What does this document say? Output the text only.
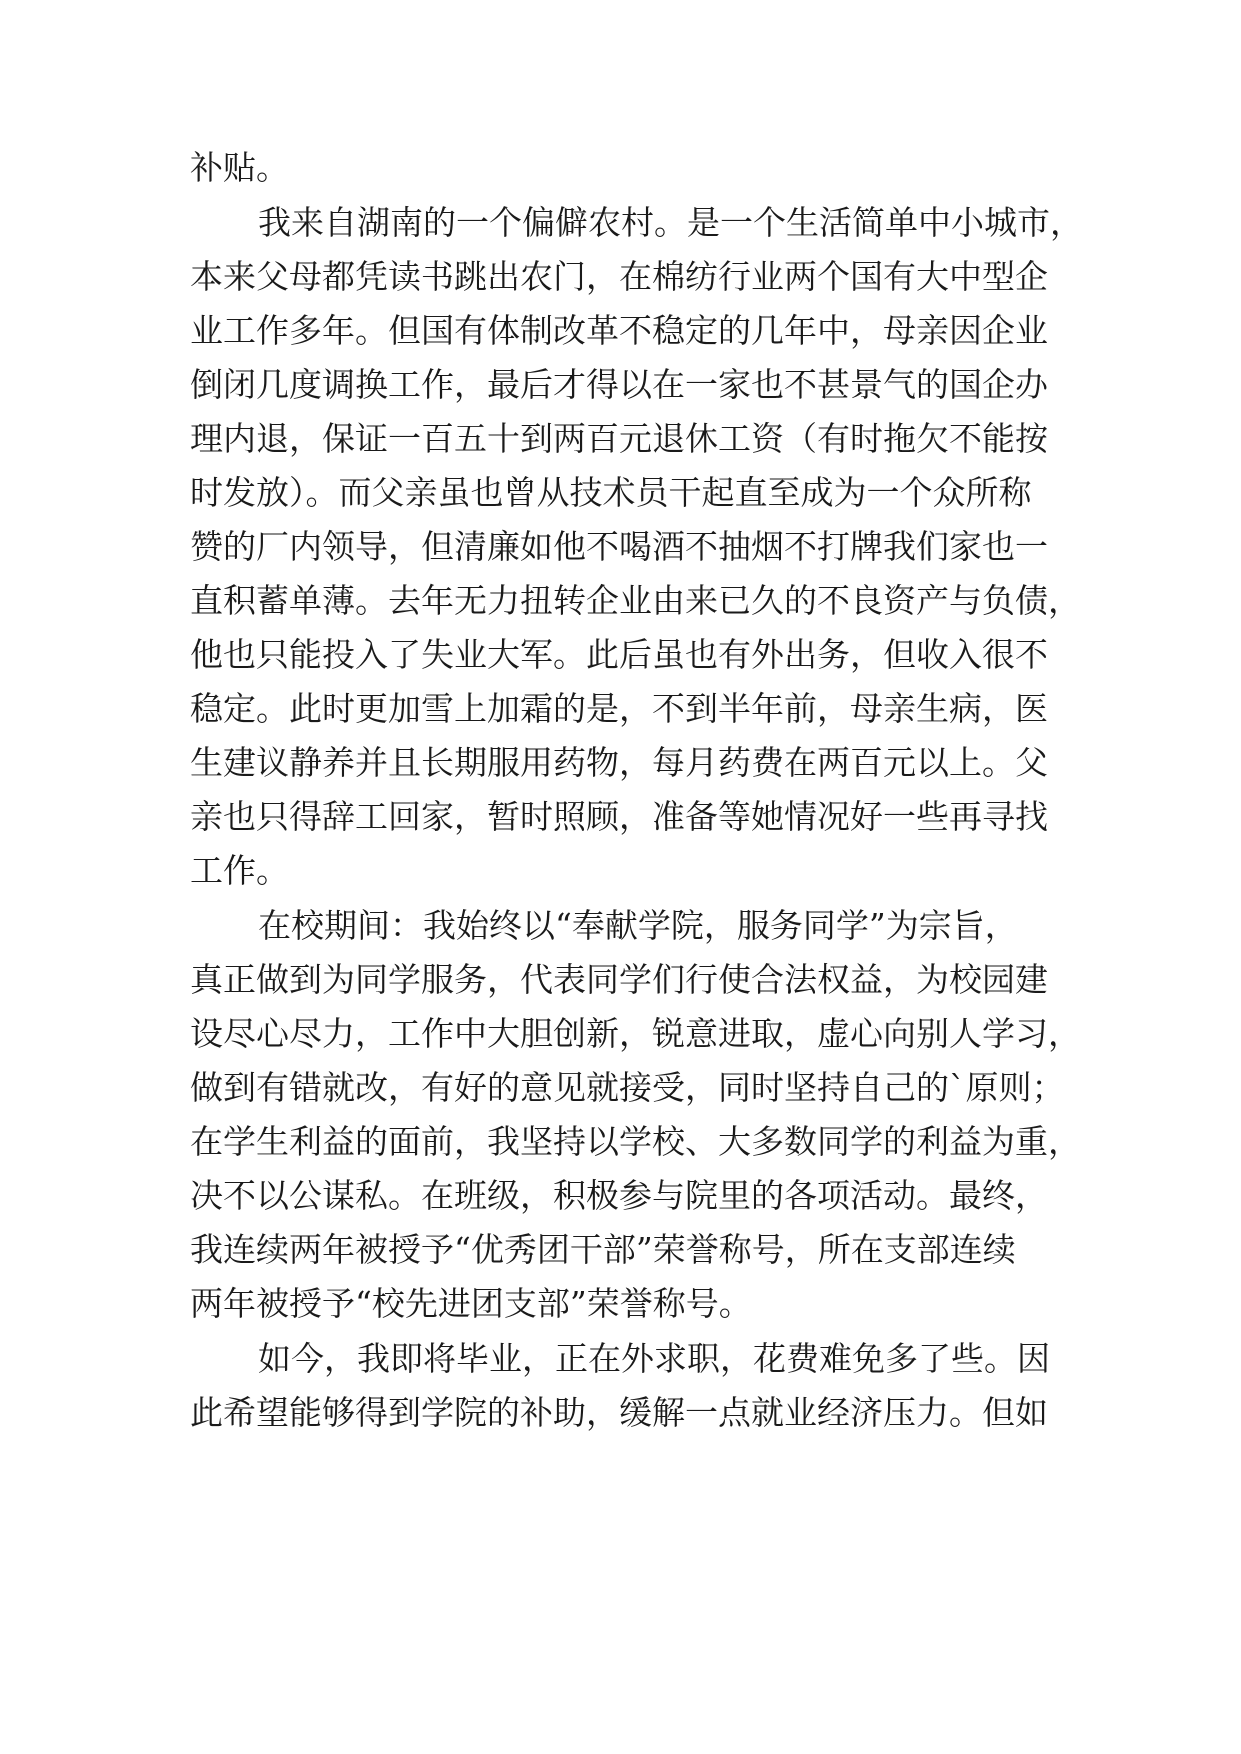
补贴。
我来自湖南的一个偏僻农村。是一个生活简单中小城市，
本来父母都凭读书跳出农门，在棉纺行业两个国有大中型企
业工作多年。但国有体制改革不稳定的几年中，母亲因企业
倒闭几度调换工作，最后才得以在一家也不甚景气的国企办
理内退，保证一百五十到两百元退休工资（有时拖欠不能按
时发放）。而父亲虽也曾从技术员干起直至成为一个众所称
赞的厂内领导，但清廉如他不喝酒不抽烟不打牌我们家也一
直积蓄单薄。去年无力扭转企业由来已久的不良资产与负债，
他也只能投入了失业大军。此后虽也有外出务，但收入很不
稳定。此时更加雪上加霜的是，不到半年前，母亲生病，医
生建议静养并且长期服用药物，每月药费在两百元以上。父
亲也只得辞工回家，暂时照顾，准备等她情况好一些再寻找
工作。
在校期间：我始终以“奉献学院，服务同学”为宗旨，
真正做到为同学服务，代表同学们行使合法权益，为校园建
设尽心尽力，工作中大胆创新，锐意进取，虚心向别人学习，
做到有错就改，有好的意见就接受，同时坚持自己的`原则；
在学生利益的面前，我坚持以学校、大多数同学的利益为重，
决不以公谋私。在班级，积极参与院里的各项活动。最终，
我连续两年被授予“优秀团干部”荣誉称号，所在支部连续
两年被授予“校先进团支部”荣誉称号。
如今，我即将毕业，正在外求职，花费难免多了些。因
此希望能够得到学院的补助，缓解一点就业经济压力。但如
